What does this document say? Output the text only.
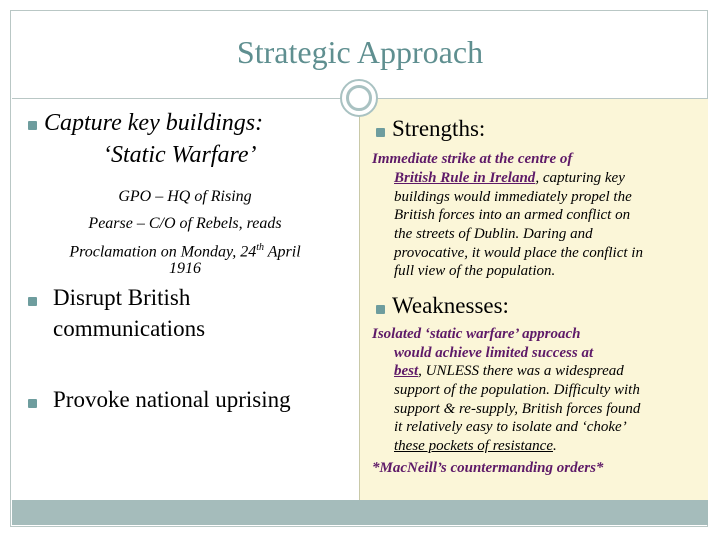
Strategic Approach
Capture key buildings:
‘Static Warfare’
GPO – HQ of Rising
Pearse – C/O of Rebels, reads
Proclamation on Monday, 24th April
1916
Disrupt British
communications
Provoke national uprising
Strengths:
Immediate strike at the centre of
British Rule in Ireland, capturing key
buildings would immediately propel the
British forces into an armed conflict on
the streets of Dublin. Daring and
provocative, it would place the conflict in
full view of the population.
Weaknesses:
Isolated ‘static warfare’ approach
would achieve limited success at
best, UNLESS there was a widespread
support of the population. Difficulty with
support & re-supply, British forces found
it relatively easy to isolate and ‘choke’
these pockets of resistance.
*MacNeill’s countermanding orders*
